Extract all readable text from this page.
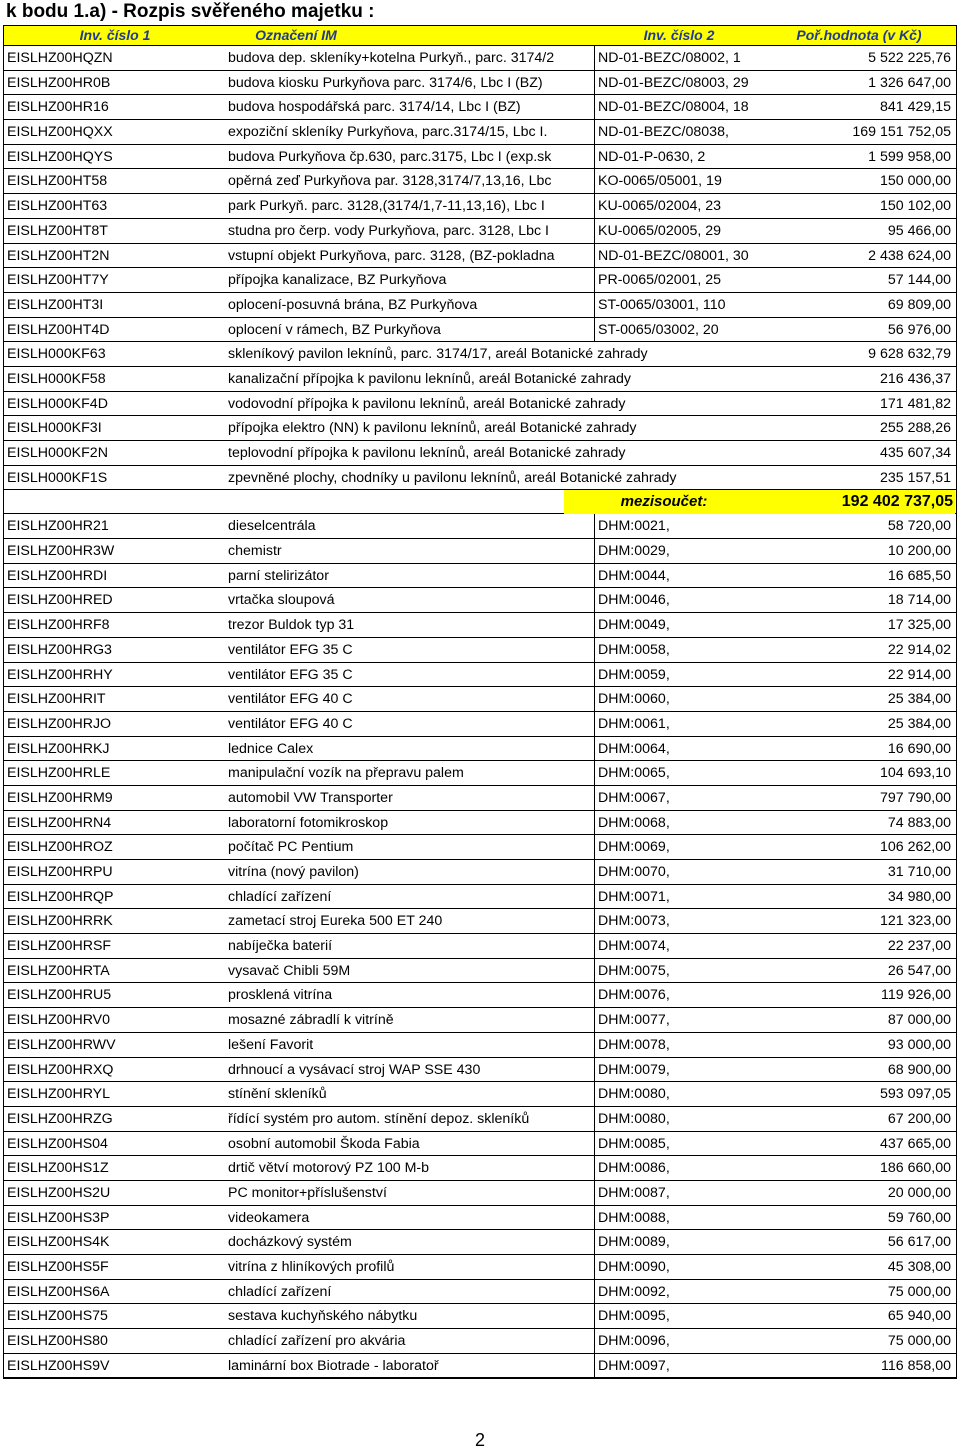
k bodu 1.a) - Rozpis svěřeného majetku :
Inv. číslo 1	Označení IM	Inv. číslo 2	Poř.hodnota (v Kč)
EISLHZ00HQZN	budova dep. skleníky+kotelna Purkyň., parc. 3174/2	ND-01-BEZC/08002, 1	5 522 225,76
EISLHZ00HR0B	budova kiosku Purkyňova parc. 3174/6, Lbc I (BZ)	ND-01-BEZC/08003, 29	1 326 647,00
EISLHZ00HR16	budova hospodářská parc. 3174/14, Lbc I (BZ)	ND-01-BEZC/08004, 18	841 429,15
EISLHZ00HQXX	expoziční skleníky Purkyňova, parc.3174/15, Lbc I.	ND-01-BEZC/08038,	169 151 752,05
EISLHZ00HQYS	budova Purkyňova čp.630, parc.3175, Lbc I (exp.sk	ND-01-P-0630, 2	1 599 958,00
EISLHZ00HT58	opěrná zeď Purkyňova par. 3128,3174/7,13,16, Lbc	KO-0065/05001, 19	150 000,00
EISLHZ00HT63	park Purkyň. parc. 3128,(3174/1,7-11,13,16), Lbc I	KU-0065/02004, 23	150 102,00
EISLHZ00HT8T	studna pro čerp. vody Purkyňova, parc. 3128, Lbc I	KU-0065/02005, 29	95 466,00
EISLHZ00HT2N	vstupní objekt Purkyňova, parc. 3128, (BZ-pokladna	ND-01-BEZC/08001, 30	2 438 624,00
EISLHZ00HT7Y	přípojka kanalizace, BZ Purkyňova	PR-0065/02001, 25	57 144,00
EISLHZ00HT3I	oplocení-posuvná brána, BZ Purkyňova	ST-0065/03001, 110	69 809,00
EISLHZ00HT4D	oplocení v rámech, BZ Purkyňova	ST-0065/03002, 20	56 976,00
EISLH000KF63	skleníkový pavilon leknínů, parc. 3174/17, areál Botanické zahrady	9 628 632,79
EISLH000KF58	kanalizační přípojka k pavilonu leknínů, areál Botanické zahrady	216 436,37
EISLH000KF4D	vodovodní přípojka k pavilonu leknínů, areál Botanické zahrady	171 481,82
EISLH000KF3I	přípojka elektro (NN) k pavilonu leknínů, areál Botanické zahrady	255 288,26
EISLH000KF2N	teplovodní přípojka k pavilonu leknínů, areál Botanické zahrady	435 607,34
EISLH000KF1S	zpevněné plochy, chodníky u pavilonu leknínů, areál Botanické zahrady	235 157,51
mezisoučet:	192 402 737,05
EISLHZ00HR21	dieselcentrála	DHM:0021,	58 720,00
EISLHZ00HR3W	chemistr	DHM:0029,	10 200,00
EISLHZ00HRDI	parní stelirizátor	DHM:0044,	16 685,50
EISLHZ00HRED	vrtačka sloupová	DHM:0046,	18 714,00
EISLHZ00HRF8	trezor Buldok typ 31	DHM:0049,	17 325,00
EISLHZ00HRG3	ventilátor EFG 35 C	DHM:0058,	22 914,02
EISLHZ00HRHY	ventilátor EFG 35 C	DHM:0059,	22 914,00
EISLHZ00HRIT	ventilátor EFG 40 C	DHM:0060,	25 384,00
EISLHZ00HRJO	ventilátor EFG 40 C	DHM:0061,	25 384,00
EISLHZ00HRKJ	lednice Calex	DHM:0064,	16 690,00
EISLHZ00HRLE	manipulační vozík na přepravu palem	DHM:0065,	104 693,10
EISLHZ00HRM9	automobil VW Transporter	DHM:0067,	797 790,00
EISLHZ00HRN4	laboratorní fotomikroskop	DHM:0068,	74 883,00
EISLHZ00HROZ	počítač PC Pentium	DHM:0069,	106 262,00
EISLHZ00HRPU	vitrína (nový pavilon)	DHM:0070,	31 710,00
EISLHZ00HRQP	chladící zařízení	DHM:0071,	34 980,00
EISLHZ00HRRK	zametací stroj Eureka 500 ET 240	DHM:0073,	121 323,00
EISLHZ00HRSF	nabíječka baterií	DHM:0074,	22 237,00
EISLHZ00HRTA	vysavač Chibli 59M	DHM:0075,	26 547,00
EISLHZ00HRU5	prosklená vitrína	DHM:0076,	119 926,00
EISLHZ00HRV0	mosazné zábradlí k vitríně	DHM:0077,	87 000,00
EISLHZ00HRWV	lešení Favorit	DHM:0078,	93 000,00
EISLHZ00HRXQ	drhnoucí a vysávací stroj WAP SSE 430	DHM:0079,	68 900,00
EISLHZ00HRYL	stínění skleníků	DHM:0080,	593 097,05
EISLHZ00HRZG	řídící systém pro autom. stínění depoz. skleníků	DHM:0080,	67 200,00
EISLHZ00HS04	osobní automobil Škoda Fabia	DHM:0085,	437 665,00
EISLHZ00HS1Z	drtič větví motorový PZ 100 M-b	DHM:0086,	186 660,00
EISLHZ00HS2U	PC monitor+příslušenství	DHM:0087,	20 000,00
EISLHZ00HS3P	videokamera	DHM:0088,	59 760,00
EISLHZ00HS4K	docházkový systém	DHM:0089,	56 617,00
EISLHZ00HS5F	vitrína z hliníkových profilů	DHM:0090,	45 308,00
EISLHZ00HS6A	chladící zařízení	DHM:0092,	75 000,00
EISLHZ00HS75	sestava kuchyňského nábytku	DHM:0095,	65 940,00
EISLHZ00HS80	chladící zařízení pro akvária	DHM:0096,	75 000,00
EISLHZ00HS9V	laminární box Biotrade - laboratoř	DHM:0097,	116 858,00
2
